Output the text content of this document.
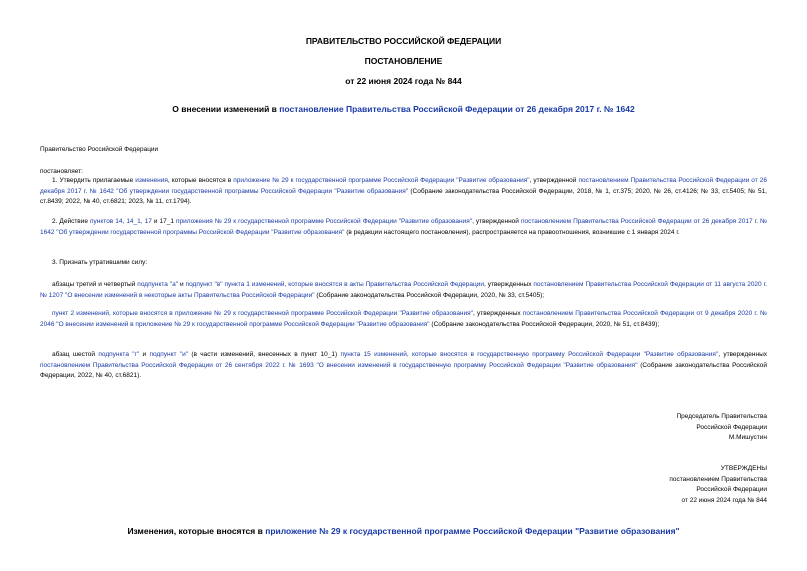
ПРАВИТЕЛЬСТВО РОССИЙСКОЙ ФЕДЕРАЦИИ
ПОСТАНОВЛЕНИЕ
от 22 июня 2024 года № 844
О внесении изменений в постановление Правительства Российской Федерации от 26 декабря 2017 г. № 1642
Правительство Российской Федерации
постановляет:
1. Утвердить прилагаемые изменения, которые вносятся в приложение № 29 к государственной программе Российской Федерации "Развитие образования", утвержденной постановлением Правительства Российской Федерации от 26 декабря 2017 г. № 1642 "Об утверждении государственной программы Российской Федерации "Развитие образования" (Собрание законодательства Российской Федерации, 2018, № 1, ст.375; 2020, № 26, ст.4126; № 33, ст.5405; № 51, ст.8439; 2022, № 40, ст.6821; 2023, № 11, ст.1794).
2. Действие пунктов 14, 14_1, 17 и 17_1 приложения № 29 к государственной программе Российской Федерации "Развитие образования", утвержденной постановлением Правительства Российской Федерации от 26 декабря 2017 г. № 1642 "Об утверждении государственной программы Российской Федерации "Развитие образования" (в редакции настоящего постановления), распространяется на правоотношения, возникшие с 1 января 2024 г.
3. Признать утратившими силу:
абзацы третий и четвертый подпункта "а" и подпункт "в" пункта 1 изменений, которые вносятся в акты Правительства Российской Федерации, утвержденных постановлением Правительства Российской Федерации от 11 августа 2020 г. № 1207 "О внесении изменений в некоторые акты Правительства Российской Федерации" (Собрание законодательства Российской Федерации, 2020, № 33, ст.5405);
пункт 2 изменений, которые вносятся в приложение № 29 к государственной программе Российской Федерации "Развитие образования", утвержденных постановлением Правительства Российской Федерации от 9 декабря 2020 г. № 2046 "О внесении изменений в приложение № 29 к государственной программе Российской Федерации "Развитие образования" (Собрание законодательства Российской Федерации, 2020, № 51, ст.8439);
абзац шестой подпункта "г" и подпункт "и" (в части изменений, внесенных в пункт 10_1) пункта 15 изменений, которые вносятся в государственную программу Российской Федерации "Развитие образования", утвержденных постановлением Правительства Российской Федерации от 26 сентября 2022 г. № 1693 "О внесении изменений в государственную программу Российской Федерации "Развитие образования" (Собрание законодательства Российской Федерации, 2022, № 40, ст.6821).
Председатель Правительства
Российской Федерации
М.Мишустин
УТВЕРЖДЕНЫ
постановлением Правительства
Российской Федерации
от 22 июня 2024 года № 844
Изменения, которые вносятся в приложение № 29 к государственной программе Российской Федерации "Развитие образования"
